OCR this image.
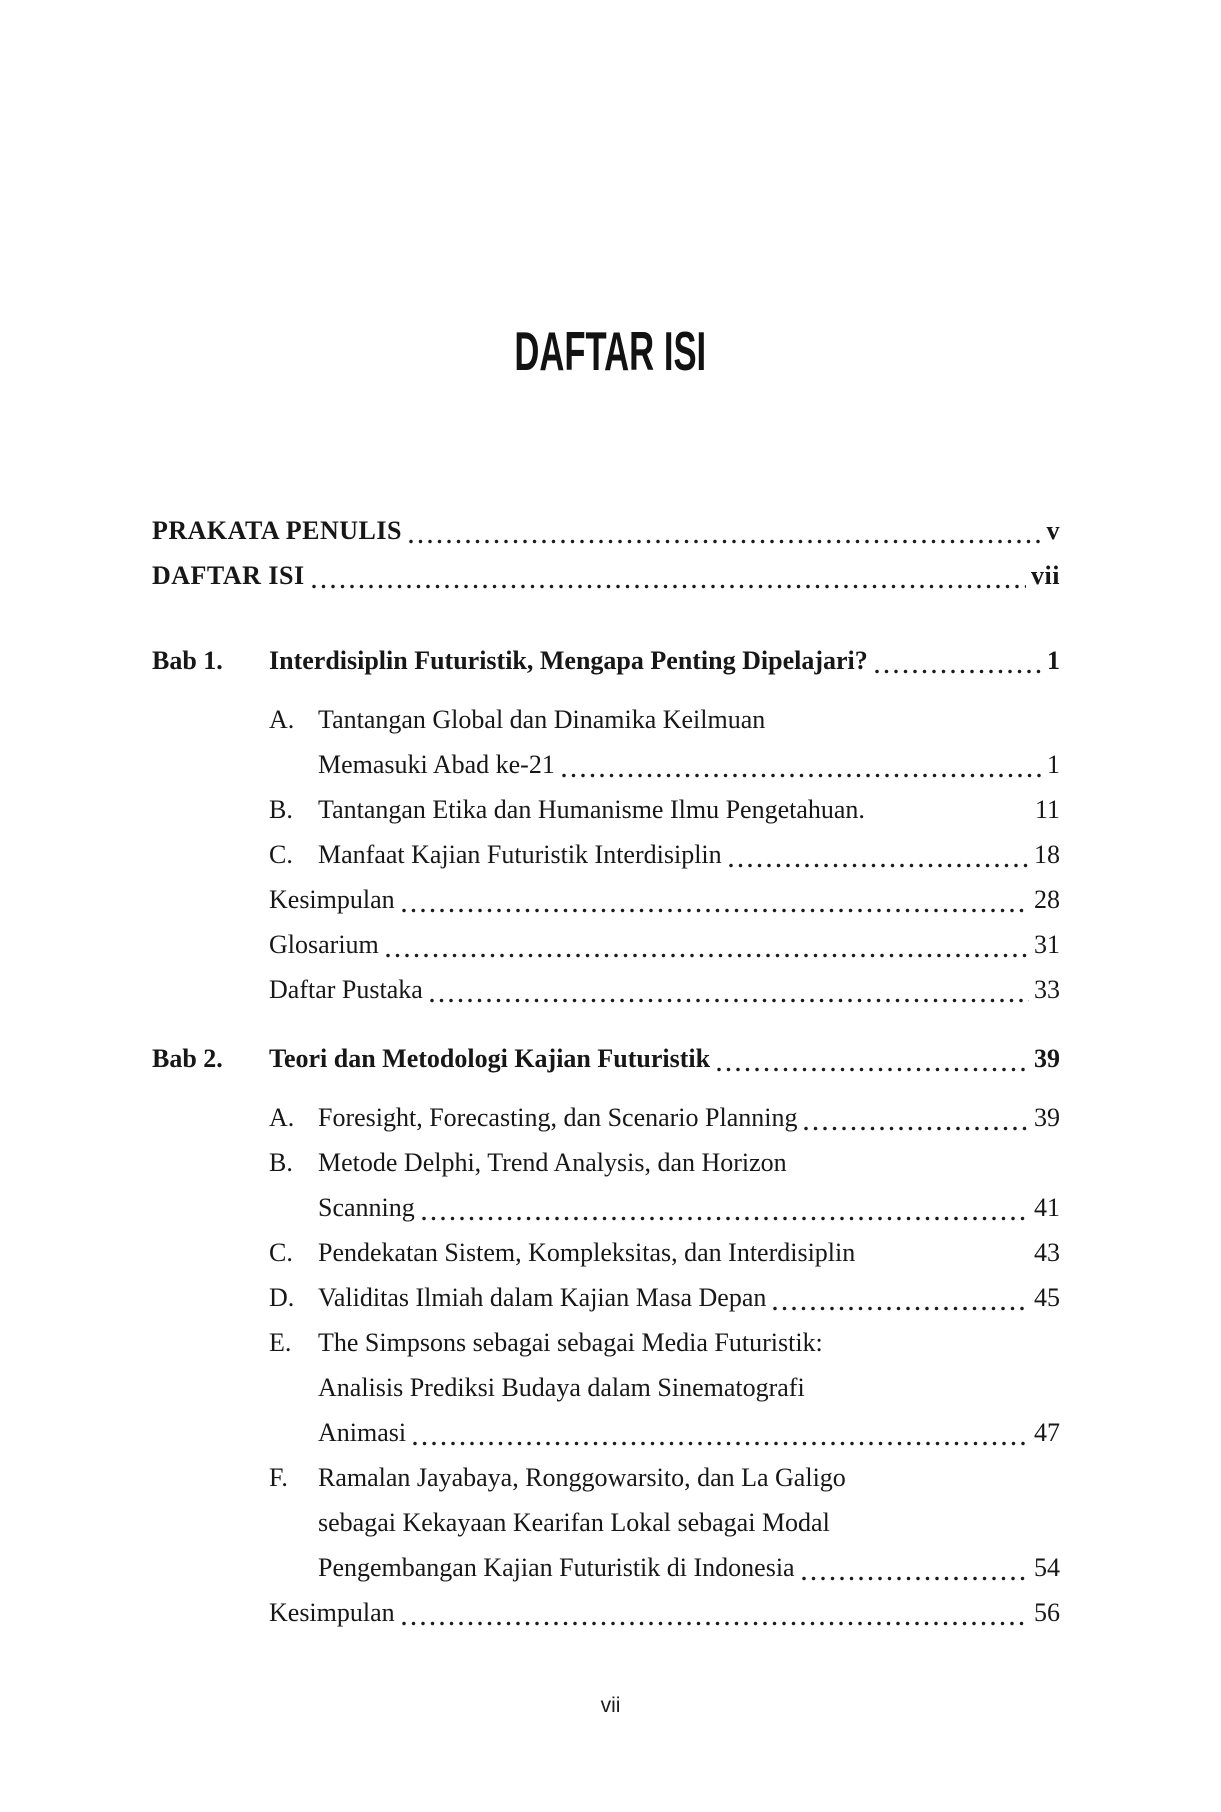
DAFTAR ISI
PRAKATA PENULIS	v
DAFTAR ISI	vii
Bab 1.	Interdisiplin Futuristik, Mengapa Penting Dipelajari?	1
A. Tantangan Global dan Dinamika Keilmuan
Memasuki Abad ke-21	1
B. Tantangan Etika dan Humanisme Ilmu Pengetahuan.	11
C. Manfaat Kajian Futuristik Interdisiplin	18
Kesimpulan	28
Glosarium	31
Daftar Pustaka	33
Bab 2.	Teori dan Metodologi Kajian Futuristik	39
A. Foresight, Forecasting, dan Scenario Planning	39
B. Metode Delphi, Trend Analysis, dan Horizon
Scanning	41
C. Pendekatan Sistem, Kompleksitas, dan Interdisiplin	43
D. Validitas Ilmiah dalam Kajian Masa Depan	45
E.	The Simpsons sebagai sebagai Media Futuristik:
Analisis Prediksi Budaya dalam Sinematografi
Animasi	47
F.	Ramalan Jayabaya, Ronggowarsito, dan La Galigo
sebagai Kekayaan Kearifan Lokal sebagai Modal
Pengembangan Kajian Futuristik di Indonesia	54
Kesimpulan	56
vii
